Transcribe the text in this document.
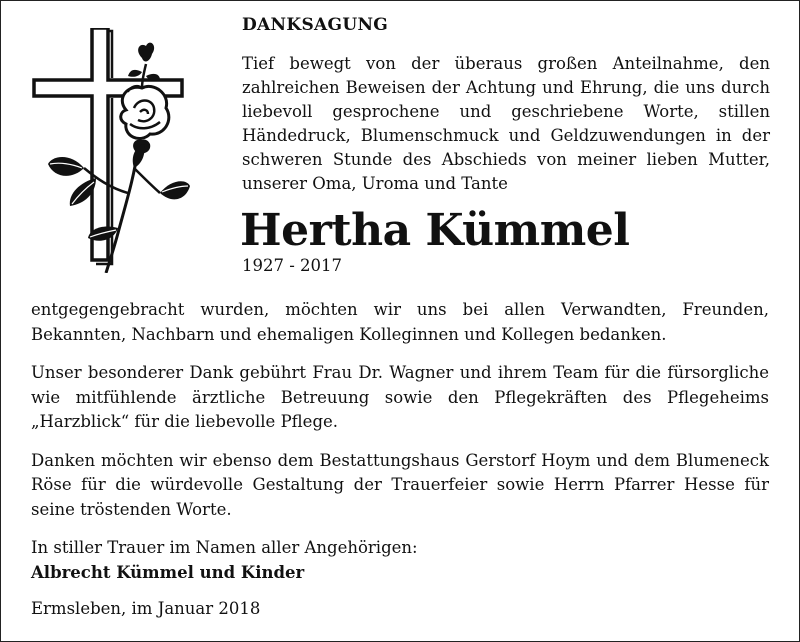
DANKSAGUNG

Tief bewegt von der überaus großen Anteilnahme, den zahlreichen Beweisen der Achtung und Ehrung, die uns durch liebevoll gesprochene und geschriebene Worte, stillen Händedruck, Blumenschmuck und Geldzuwendungen in der schweren Stunde des Abschieds von meiner lieben Mutter, unserer Oma, Uroma und Tante

Hertha Kümmel
1927 - 2017

entgegengebracht wurden, möchten wir uns bei allen Verwandten, Freunden, Bekannten, Nachbarn und ehemaligen Kolleginnen und Kollegen bedanken.

Unser besonderer Dank gebührt Frau Dr. Wagner und ihrem Team für die fürsorgliche wie mitfühlende ärztliche Betreuung sowie den Pflegekräften des Pflegeheims „Harzblick“ für die liebevolle Pflege.

Danken möchten wir ebenso dem Bestattungshaus Gerstorf Hoym und dem Blumeneck Röse für die würdevolle Gestaltung der Trauerfeier sowie Herrn Pfarrer Hesse für seine tröstenden Worte.

In stiller Trauer im Namen aller Angehörigen:
Albrecht Kümmel und Kinder

Ermsleben, im Januar 2018
